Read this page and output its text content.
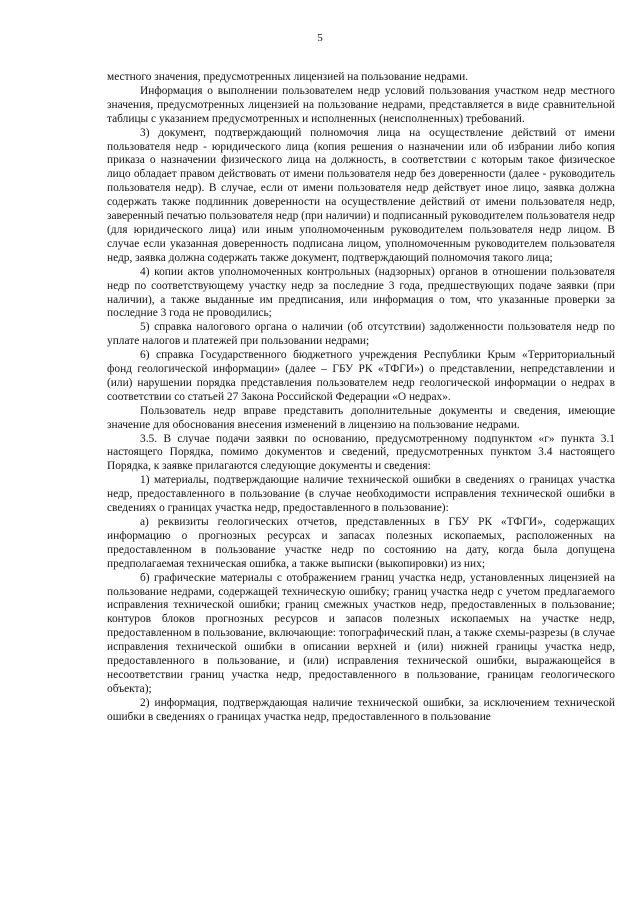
5

местного значения, предусмотренных лицензией на пользование недрами.

Информация о выполнении пользователем недр условий пользования участком недр местного значения, предусмотренных лицензией на пользование недрами, представляется в виде сравнительной таблицы с указанием предусмотренных и исполненных (неисполненных) требований.

3) документ, подтверждающий полномочия лица на осуществление действий от имени пользователя недр - юридического лица (копия решения о назначении или об избрании либо копия приказа о назначении физического лица на должность, в соответствии с которым такое физическое лицо обладает правом действовать от имени пользователя недр без доверенности (далее - руководитель пользователя недр). В случае, если от имени пользователя недр действует иное лицо, заявка должна содержать также подлинник доверенности на осуществление действий от имени пользователя недр, заверенный печатью пользователя недр (при наличии) и подписанный руководителем пользователя недр (для юридического лица) или иным уполномоченным руководителем пользователя недр лицом. В случае если указанная доверенность подписана лицом, уполномоченным руководителем пользователя недр, заявка должна содержать также документ, подтверждающий полномочия такого лица;

4) копии актов уполномоченных контрольных (надзорных) органов в отношении пользователя недр по соответствующему участку недр за последние 3 года, предшествующих подаче заявки (при наличии), а также выданные им предписания, или информация о том, что указанные проверки за последние 3 года не проводились;

5) справка налогового органа о наличии (об отсутствии) задолженности пользователя недр по уплате налогов и платежей при пользовании недрами;

6) справка Государственного бюджетного учреждения Республики Крым «Территориальный фонд геологической информации» (далее – ГБУ РК «ТФГИ») о представлении, непредставлении и (или) нарушении порядка представления пользователем недр геологической информации о недрах в соответствии со статьей 27 Закона Российской Федерации «О недрах».

Пользователь недр вправе представить дополнительные документы и сведения, имеющие значение для обоснования внесения изменений в лицензию на пользование недрами.

3.5. В случае подачи заявки по основанию, предусмотренному подпунктом «г» пункта 3.1 настоящего Порядка, помимо документов и сведений, предусмотренных пунктом 3.4 настоящего Порядка, к заявке прилагаются следующие документы и сведения:

1) материалы, подтверждающие наличие технической ошибки в сведениях о границах участка недр, предоставленного в пользование (в случае необходимости исправления технической ошибки в сведениях о границах участка недр, предоставленного в пользование):

а) реквизиты геологических отчетов, представленных в ГБУ РК «ТФГИ», содержащих информацию о прогнозных ресурсах и запасах полезных ископаемых, расположенных на предоставленном в пользование участке недр по состоянию на дату, когда была допущена предполагаемая техническая ошибка, а также выписки (выкопировки) из них;

б) графические материалы с отображением границ участка недр, установленных лицензией на пользование недрами, содержащей техническую ошибку; границ участка недр с учетом предлагаемого исправления технической ошибки; границ смежных участков недр, предоставленных в пользование; контуров блоков прогнозных ресурсов и запасов полезных ископаемых на участке недр, предоставленном в пользование, включающие: топографический план, а также схемы-разрезы (в случае исправления технической ошибки в описании верхней и (или) нижней границы участка недр, предоставленного в пользование, и (или) исправления технической ошибки, выражающейся в несоответствии границ участка недр, предоставленного в пользование, границам геологического объекта);

2) информация, подтверждающая наличие технической ошибки, за исключением технической ошибки в сведениях о границах участка недр, предоставленного в пользование
